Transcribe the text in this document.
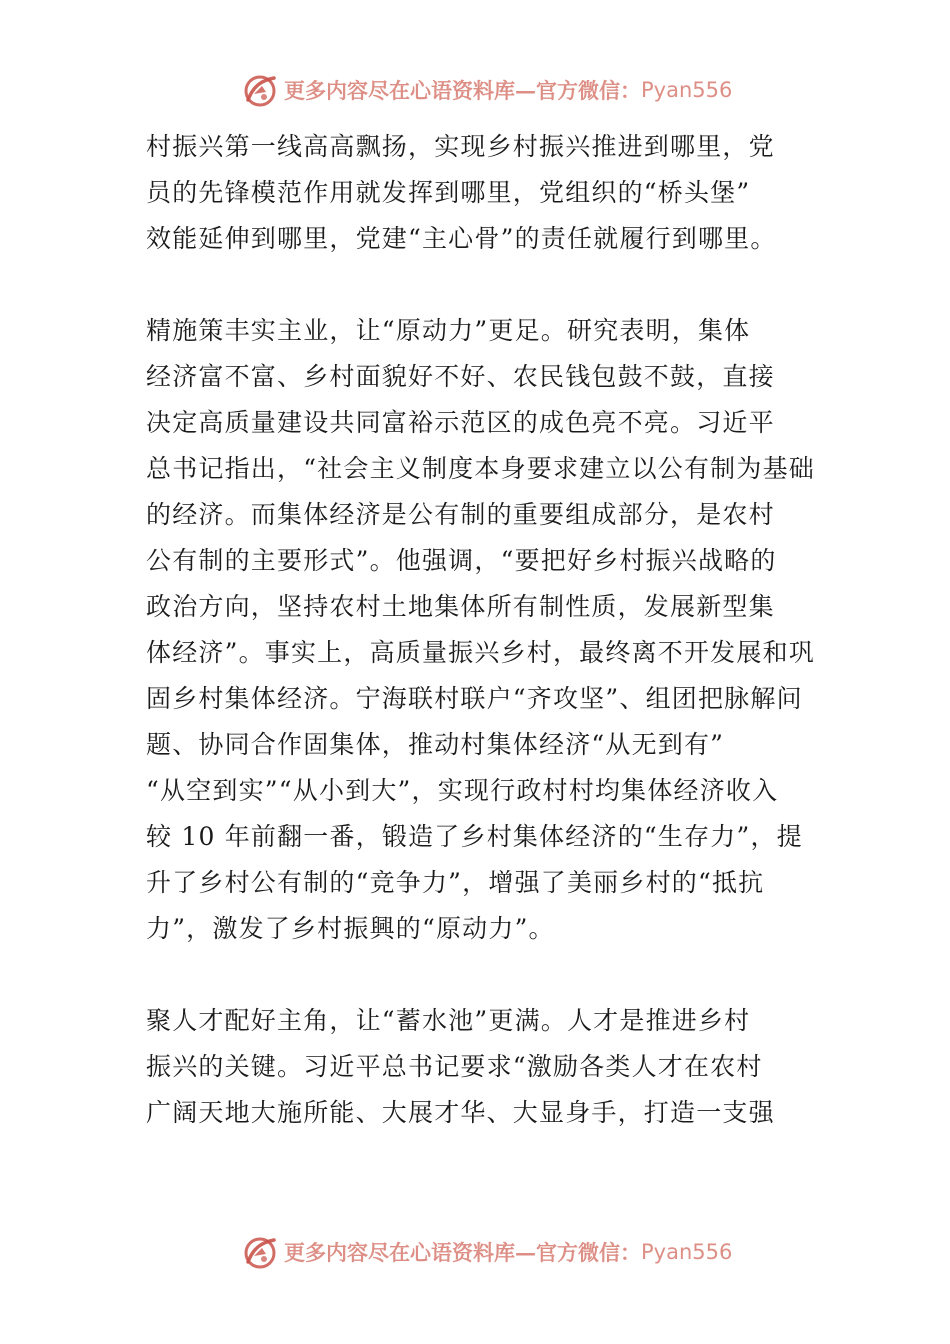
更多内容尽在心语资料库—官方微信： Pyan556
村振兴第一线高高飘扬，实现乡村振兴推进到哪里，党
员的先锋模范作用就发挥到哪里，党组织的“桥头堡”
效能延伸到哪里，党建“主心骨”的责任就履行到哪里。
精施策丰实主业，让“原动力”更足。研究表明，集体
经济富不富、乡村面貌好不好、农民钱包鼓不鼓，直接
决定高质量建设共同富裕示范区的成色亮不亮。习近平
总书记指出，“社会主义制度本身要求建立以公有制为基础
的经济。而集体经济是公有制的重要组成部分，是农村
公有制的主要形式”。他强调，“要把好乡村振兴战略的
政治方向，坚持农村土地集体所有制性质，发展新型集
体经济”。事实上，高质量振兴乡村，最终离不开发展和巩
固乡村集体经济。宁海联村联户“齐攻坚”、组团把脉解问
题、协同合作固集体，推动村集体经济“从无到有”
“从空到实”“从小到大”，实现行政村村均集体经济收入
较 10 年前翻一番，锻造了乡村集体经济的“生存力”，提
升了乡村公有制的“竞争力”，增强了美丽乡村的“抵抗
力”，激发了乡村振興的“原动力”。
聚人才配好主角，让“蓄水池”更满。人才是推进乡村
振兴的关键。习近平总书记要求“激励各类人才在农村
广阔天地大施所能、大展才华、大显身手，打造一支强
更多内容尽在心语资料库—官方微信： Pyan556
